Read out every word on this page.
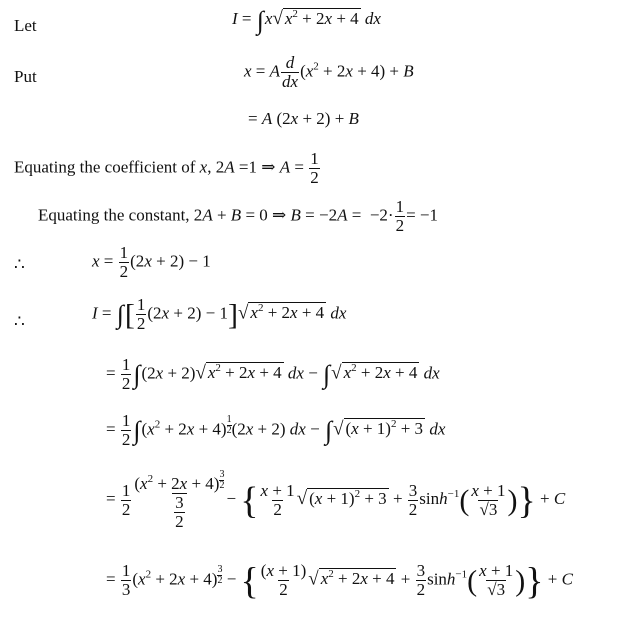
Let	I = ∫x√ $x^2 + 2x + 4$ dx
Put	x = A $\frac{d}{dx} (x^2 + 2x + 4) + B$
= A (2x + 2) + B
Equating the coefficient of x, 2A =1 ⇒ $A = \frac{1}{2}$
Equating the constant, 2A + B = 0 ⇒ $B = -2A = -2\cdot \frac{1}{2} = -1$
∴	$x = \frac{1}{2} (2x + 2) - 1$
∴	I = ∫[ $\frac{1}{2} (2x + 2) - 1]√$ $x^2 + 2x + 4$ dx
= $\frac{1}{2} \int(2x + 2)√$ $x^2 + 2x + 4$ dx − ∫√ $x^2 + 2x + 4$ dx
= $\frac{1}{2} \int(x^2 + 2x + 4) \frac{1}{2} (2x + 2)$ dx − ∫√ $(x + 1)^2 + 3$ dx
= $\frac{1}{2} \frac{(x^2 + 2x + 4) \frac{3}{2}}{\frac{3}{2}}$ − { $\frac{x + 1}{2}$ √ $(x + 1)^2 + 3 + \frac{3}{2} \sinh^{-1}( \frac{x + 1}{√3}$ )} + C
= $\frac{1}{3} (x^2 + 2x + 4) \frac{3}{2}$ − { $\frac{(x + 1)}{2}$ √ $x^2 + 2x + 4 + \frac{3}{2} \sinh^{-1}( \frac{x + 1}{√3}$ )} + C
